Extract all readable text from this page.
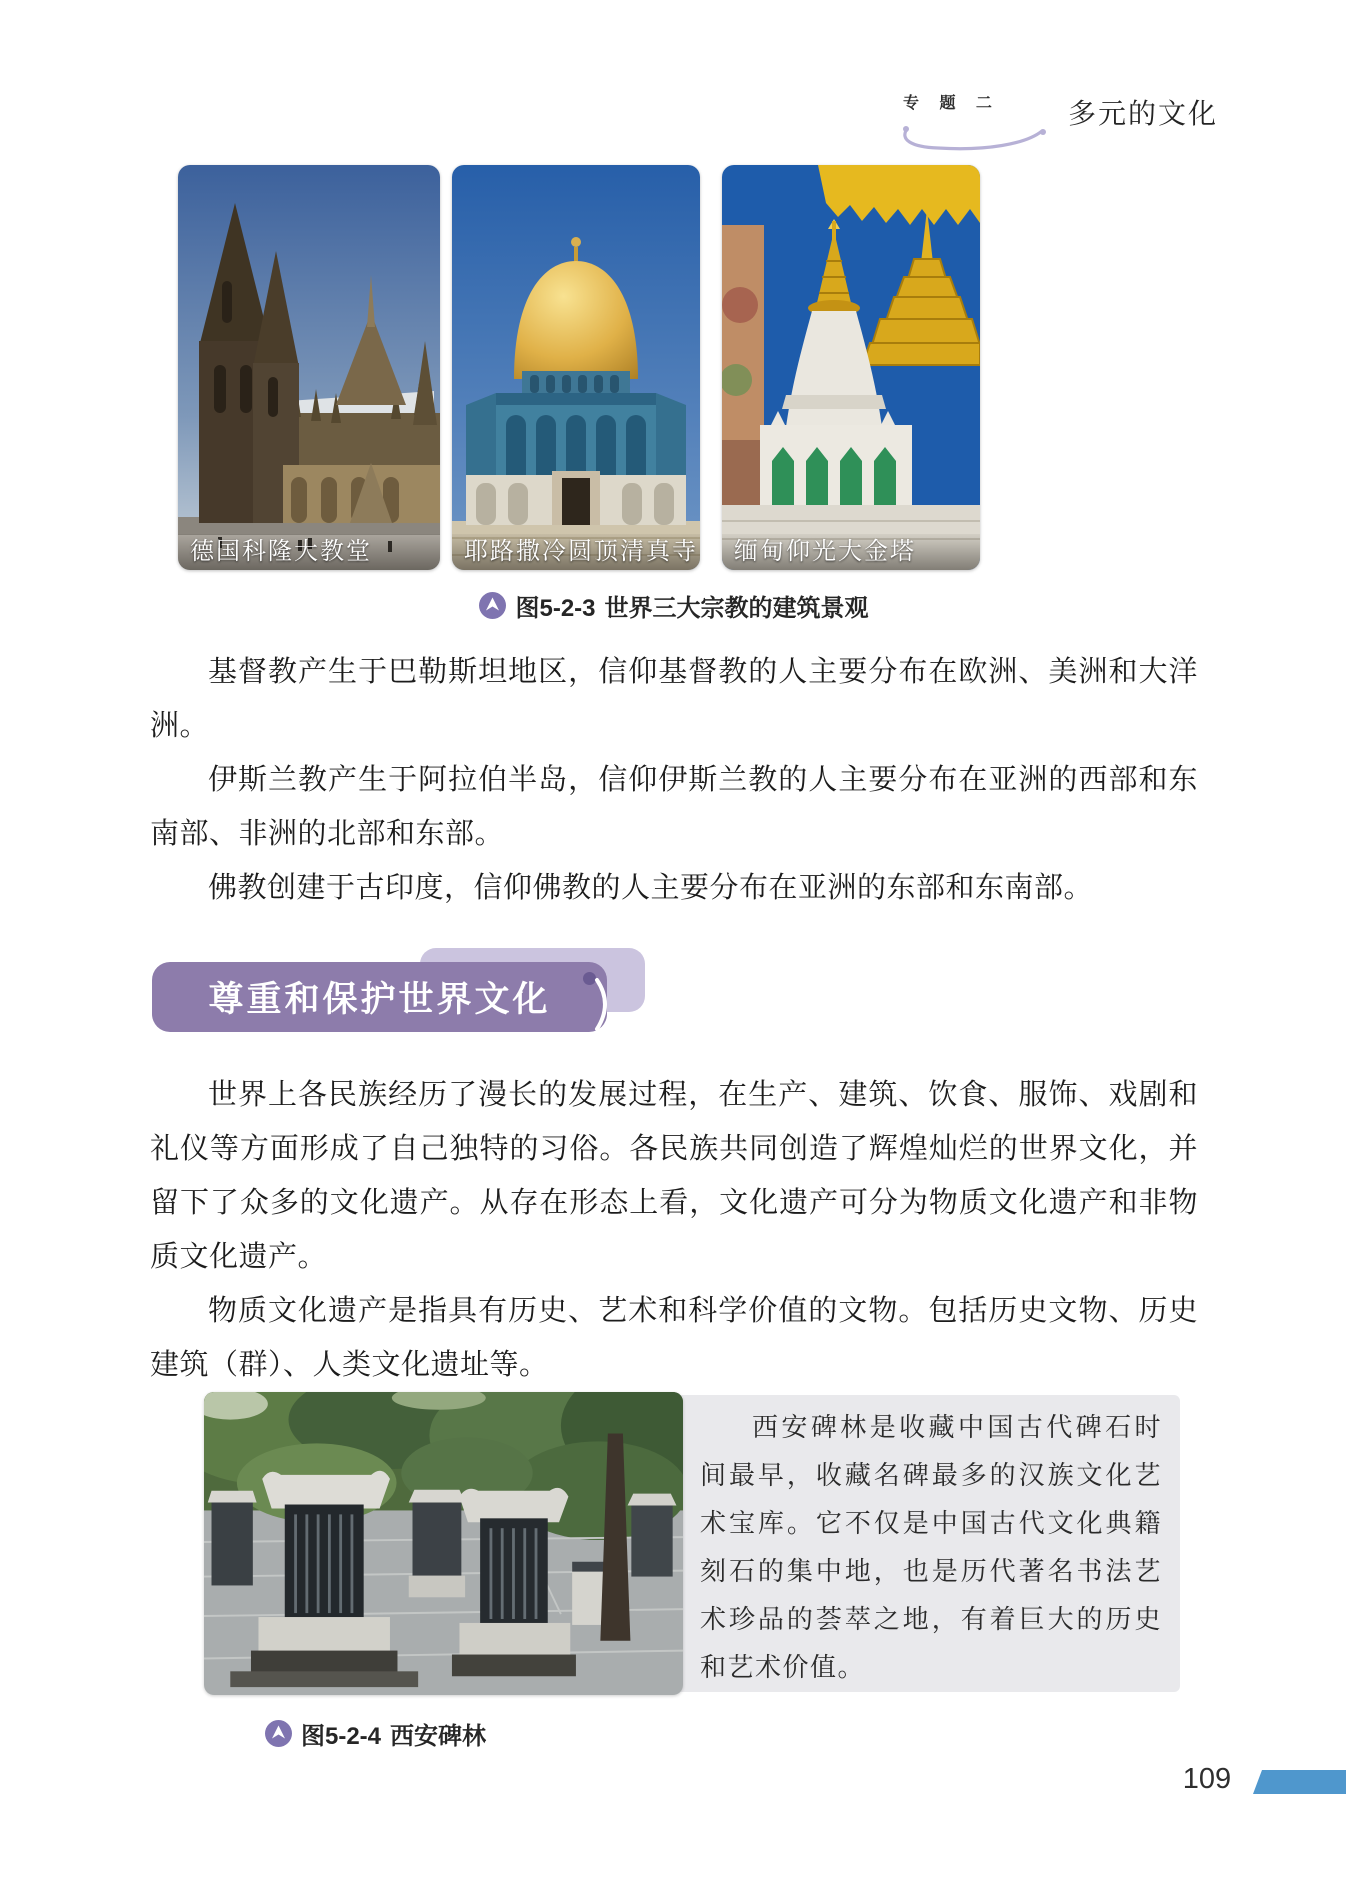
专 题 二 多元的文化
德国科隆大教堂	耶路撒冷圆顶清真寺	缅甸仰光大金塔
图5-2-3 世界三大宗教的建筑景观

基督教产生于巴勒斯坦地区，信仰基督教的人主要分布在欧洲、美洲和大洋洲。

伊斯兰教产生于阿拉伯半岛，信仰伊斯兰教的人主要分布在亚洲的西部和东南部、非洲的北部和东部。

佛教创建于古印度，信仰佛教的人主要分布在亚洲的东部和东南部。

尊重和保护世界文化

世界上各民族经历了漫长的发展过程，在生产、建筑、饮食、服饰、戏剧和礼仪等方面形成了自己独特的习俗。各民族共同创造了辉煌灿烂的世界文化，并留下了众多的文化遗产。从存在形态上看，文化遗产可分为物质文化遗产和非物质文化遗产。

物质文化遗产是指具有历史、艺术和科学价值的文物。包括历史文物、历史建筑（群）、人类文化遗址等。

西安碑林是收藏中国古代碑石时间最早，收藏名碑最多的汉族文化艺术宝库。它不仅是中国古代文化典籍刻石的集中地，也是历代著名书法艺术珍品的荟萃之地，有着巨大的历史和艺术价值。

图5-2-4 西安碑林
109
